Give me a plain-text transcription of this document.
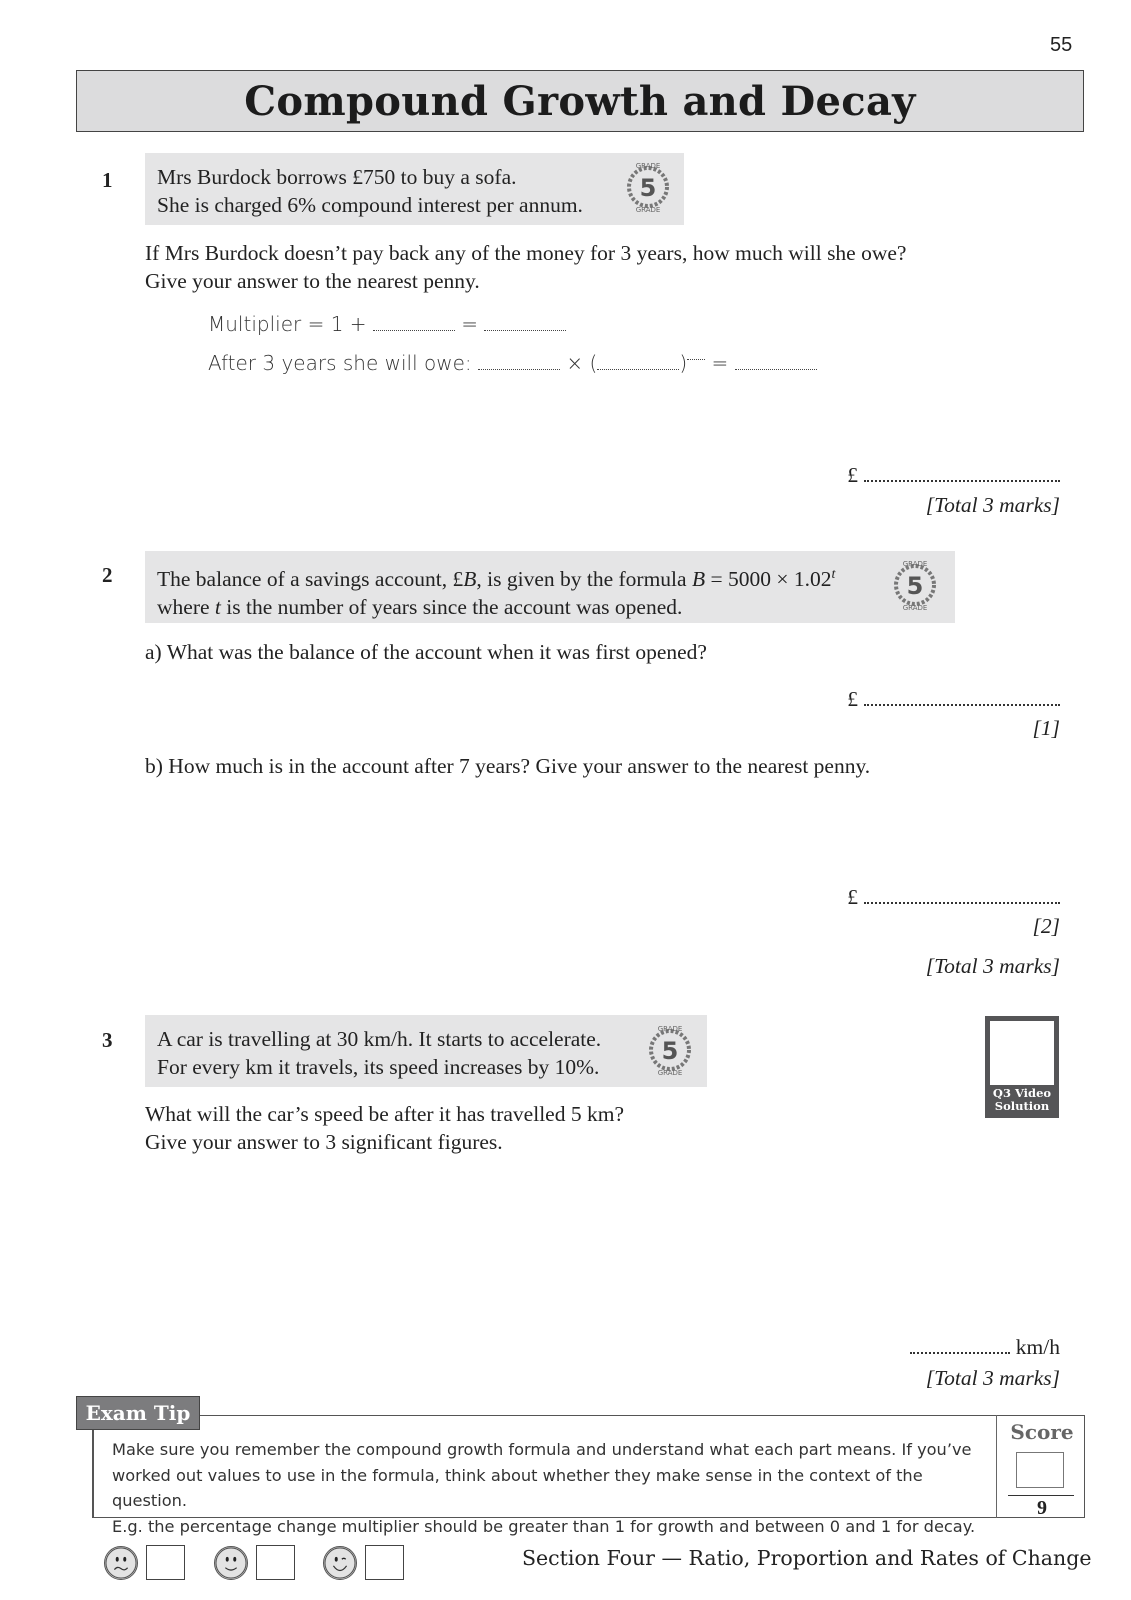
55
Compound Growth and Decay
1 Mrs Burdock borrows £750 to buy a sofa.
She is charged 6% compound interest per annum.
5
GRADE
GRADE
If Mrs Burdock doesn’t pay back any of the money for 3 years, how much will she owe?
Give your answer to the nearest penny.
Multiplier = 1 +	=
After 3 years she will owe:	× (	) =
£
[Total 3 marks]
2 The balance of a savings account, £B, is given by the formula $B = 5000 \times 1.02^t$
where t is the number of years since the account was opened.
5
GRADE
GRADE
a) What was the balance of the account when it was first opened?
£
[1]
b) How much is in the account after 7 years? Give your answer to the nearest penny.
£
[2]
[Total 3 marks]
3 A car is travelling at 30 km/h. It starts to accelerate.
For every km it travels, its speed increases by 10%.
5
GRADE
GRADE
Q3 Video
Solution
What will the car’s speed be after it has travelled 5 km?
Give your answer to 3 significant figures.
km/h
[Total 3 marks]
Exam Tip
Make sure you remember the compound growth formula and understand what each part means. If you’ve
worked out values to use in the formula, think about whether they make sense in the context of the question.
E.g. the percentage change multiplier should be greater than 1 for growth and between 0 and 1 for decay.
Score
9
Section Four — Ratio, Proportion and Rates of Change
